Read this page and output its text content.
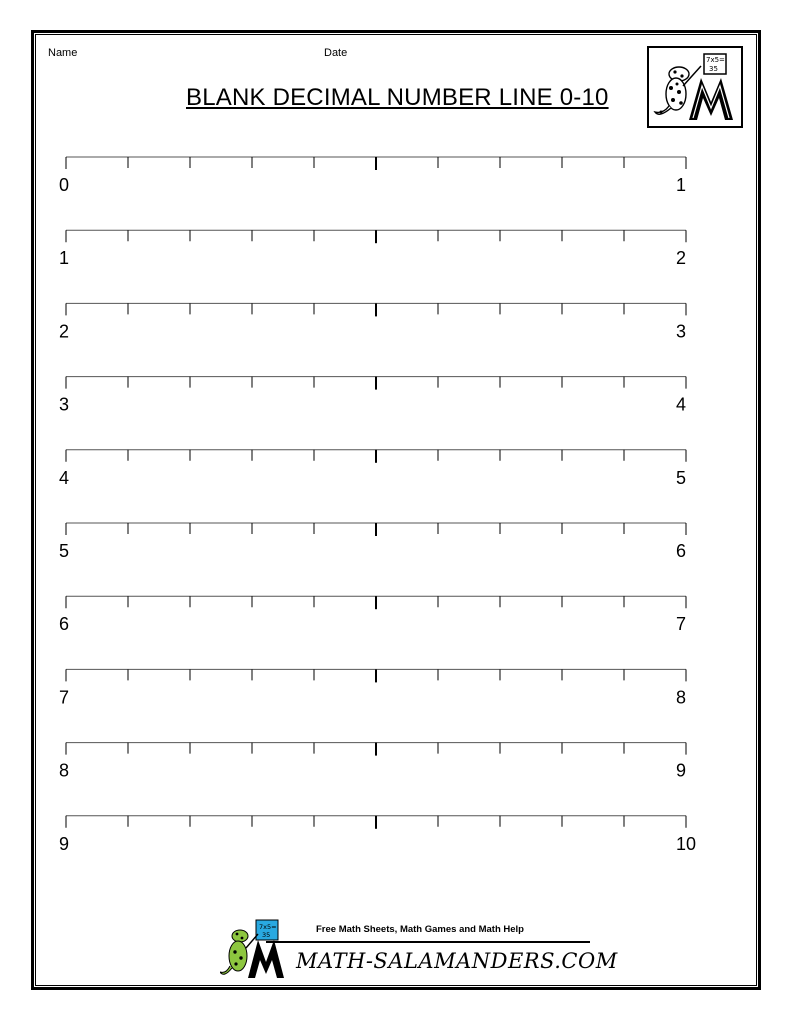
Name	Date
BLANK DECIMAL NUMBER LINE 0-10
7x5=
35
0	1
1	2
2	3
3	4
4	5
5	6
6	7
7	8
8	9
9	10
7x5=
35	Free Math Sheets, Math Games and Math Help
MATH-SALAMANDERS.COM
